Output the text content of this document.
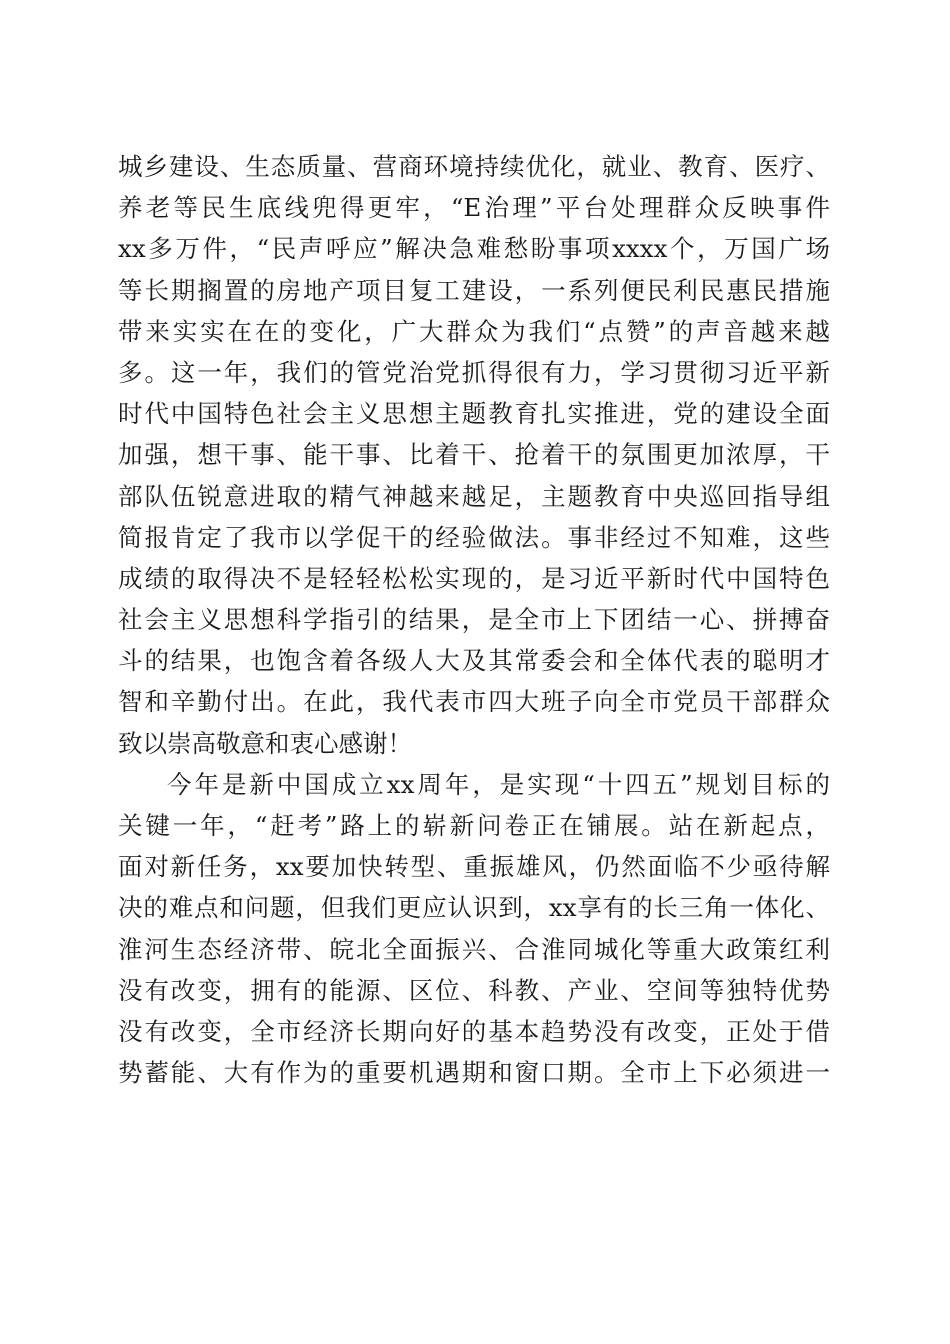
城乡建设、生态质量、营商环境持续优化，就业、教育、医疗、
养老等民生底线兜得更牢，“E治理”平台处理群众反映事件
xx多万件，“民声呼应”解决急难愁盼事项xxxx个，万国广场
等长期搁置的房地产项目复工建设，一系列便民利民惠民措施
带来实实在在的变化，广大群众为我们“点赞”的声音越来越
多。这一年，我们的管党治党抓得很有力，学习贯彻习近平新
时代中国特色社会主义思想主题教育扎实推进，党的建设全面
加强，想干事、能干事、比着干、抢着干的氛围更加浓厚，干
部队伍锐意进取的精气神越来越足，主题教育中央巡回指导组
简报肯定了我市以学促干的经验做法。事非经过不知难，这些
成绩的取得决不是轻轻松松实现的，是习近平新时代中国特色
社会主义思想科学指引的结果，是全市上下团结一心、拼搏奋
斗的结果，也饱含着各级人大及其常委会和全体代表的聪明才
智和辛勤付出。在此，我代表市四大班子向全市党员干部群众
致以崇高敬意和衷心感谢！
今年是新中国成立xx周年，是实现“十四五”规划目标的
关键一年，“赶考”路上的崭新问卷正在铺展。站在新起点，
面对新任务，xx要加快转型、重振雄风，仍然面临不少亟待解
决的难点和问题，但我们更应认识到，xx享有的长三角一体化、
淮河生态经济带、皖北全面振兴、合淮同城化等重大政策红利
没有改变，拥有的能源、区位、科教、产业、空间等独特优势
没有改变，全市经济长期向好的基本趋势没有改变，正处于借
势蓄能、大有作为的重要机遇期和窗口期。全市上下必须进一
